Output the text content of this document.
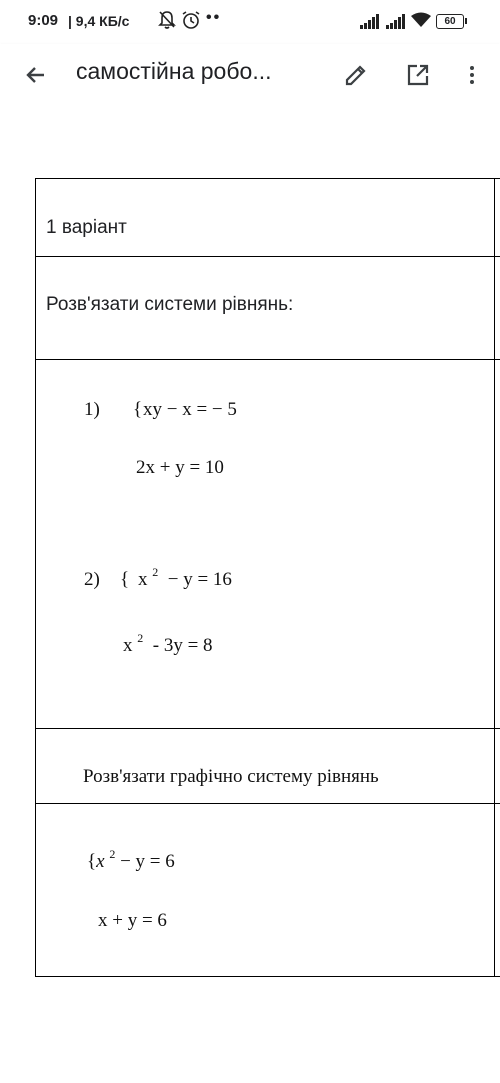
9:09 | 9,4 КБ/с	••	60
самостійна робо...
1 варіант
Розв'язати системи рівнянь:
1) { xy − x = − 5
2x + y = 10
2) { x $^2$ − y = 16
x $^2$ - 3y = 8
Розв'язати графічно систему рівнянь
{x $^2$ − y = 6
x + y = 6
